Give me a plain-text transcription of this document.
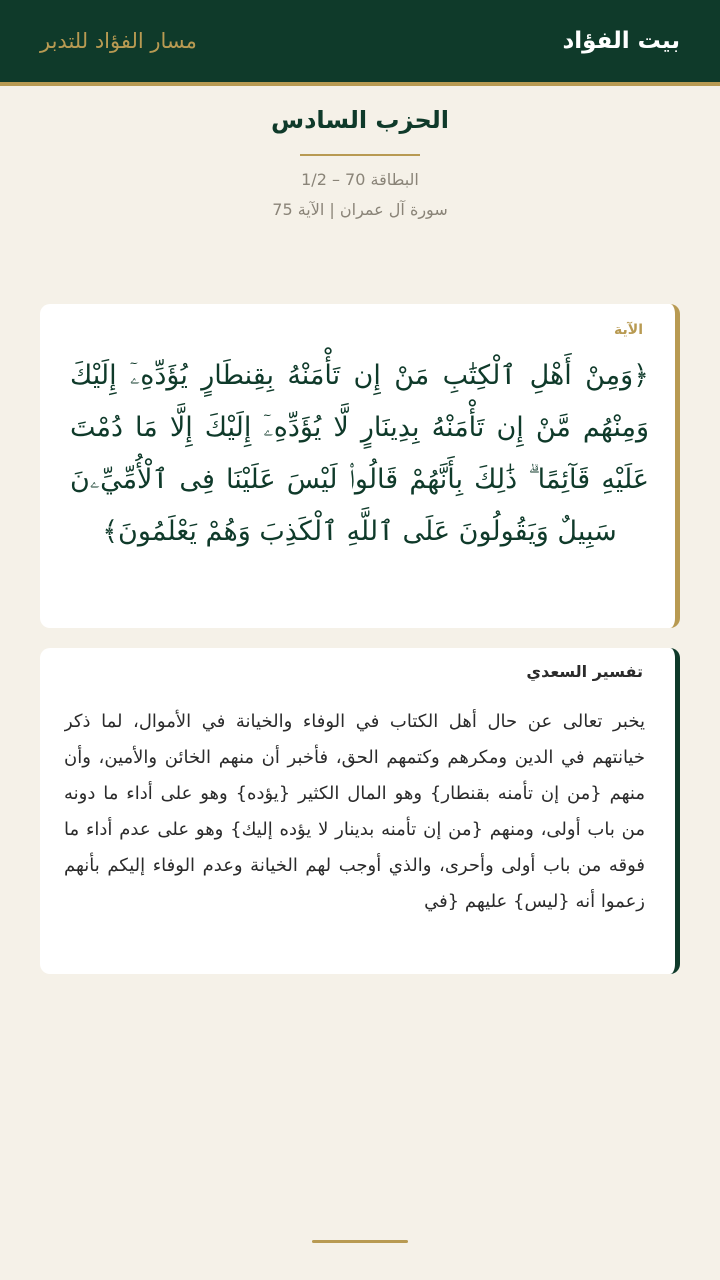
مسار الفؤاد للتدبر	بيت الفؤاد
الحزب السادس
البطاقة 70 – 1/2
سورة آل عمران | الآية 75
الآية
﴿وَمِنْ أَهْلِ ٱلْكِتَٰبِ مَنْ إِن تَأْمَنْهُ بِقِنطَارٍ يُؤَدِّهِۦٓ إِلَيْكَ وَمِنْهُم مَّنْ إِن تَأْمَنْهُ بِدِينَارٍ لَّا يُؤَدِّهِۦٓ إِلَيْكَ إِلَّا مَا دُمْتَ عَلَيْهِ قَآئِمًا ۗ ذَٰلِكَ بِأَنَّهُمْ قَالُوا۟ لَيْسَ عَلَيْنَا فِى ٱلْأُمِّيِّۦنَ سَبِيلٌ وَيَقُولُونَ عَلَى ٱللَّهِ ٱلْكَذِبَ وَهُمْ يَعْلَمُونَ﴾
تفسير السعدي
يخبر تعالى عن حال أهل الكتاب في الوفاء والخيانة في الأموال، لما ذكر خيانتهم في الدين ومكرهم وكتمهم الحق، فأخبر أن منهم الخائن والأمين، وأن منهم {من إن تأمنه بقنطار} وهو المال الكثير {يؤده} وهو على أداء ما دونه من باب أولى، ومنهم {من إن تأمنه بدينار لا يؤده إليك} وهو على عدم أداء ما فوقه من باب أولى وأحرى، والذي أوجب لهم الخيانة وعدم الوفاء إليكم بأنهم زعموا أنه {ليس} عليهم {في
